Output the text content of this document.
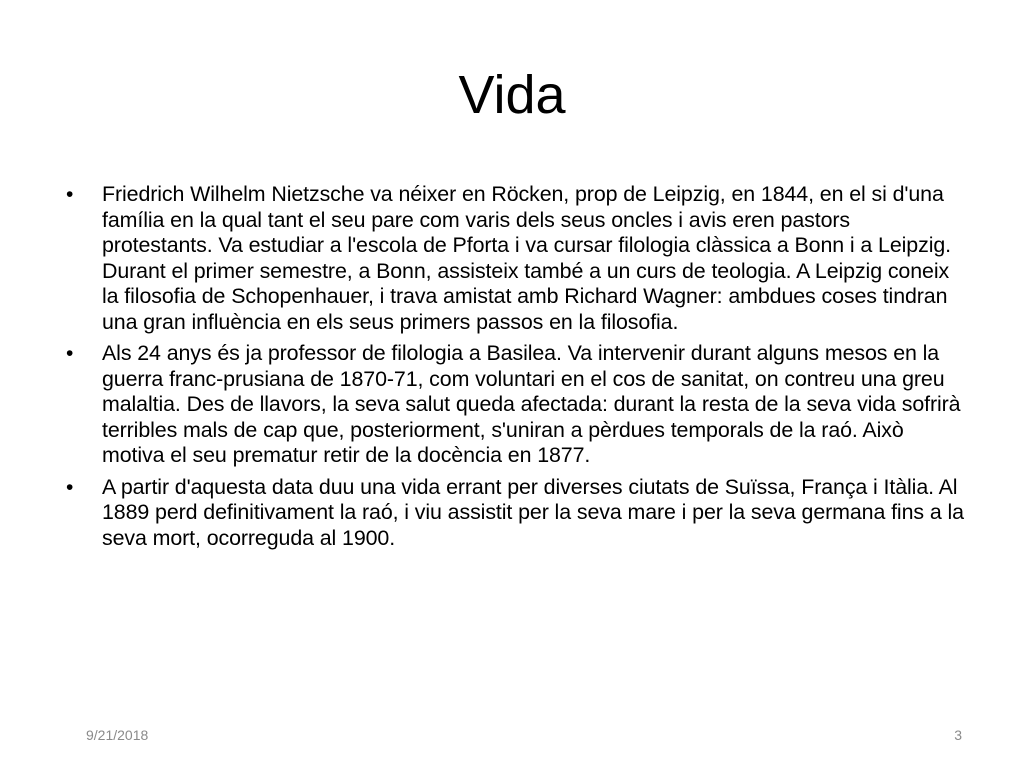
Vida
•	Friedrich Wilhelm Nietzsche va néixer en Röcken, prop de Leipzig, en 1844, en el si d'una família en la qual tant el seu pare com varis dels seus oncles i avis eren pastors protestants. Va estudiar a l'escola de Pforta i va cursar filologia clàssica a Bonn i a Leipzig. Durant el primer semestre, a Bonn, assisteix també a un curs de teologia. A Leipzig coneix la filosofia de Schopenhauer, i trava amistat amb Richard Wagner: ambdues coses tindran una gran influència en els seus primers passos en la filosofia.
•	Als 24 anys és ja professor de filologia a Basilea. Va intervenir durant alguns mesos en la guerra franc-prusiana de 1870-71, com voluntari en el cos de sanitat, on contreu una greu malaltia. Des de llavors, la seva salut queda afectada: durant la resta de la seva vida sofrirà terribles mals de cap que, posteriorment, s'uniran a pèrdues temporals de la raó. Això motiva el seu prematur retir de la docència en 1877.
•	A partir d'aquesta data duu una vida errant per diverses ciutats de Suïssa, França i Itàlia. Al 1889 perd definitivament la raó, i viu assistit per la seva mare i per la seva germana fins a la seva mort, ocorreguda al 1900.
9/21/2018	3
